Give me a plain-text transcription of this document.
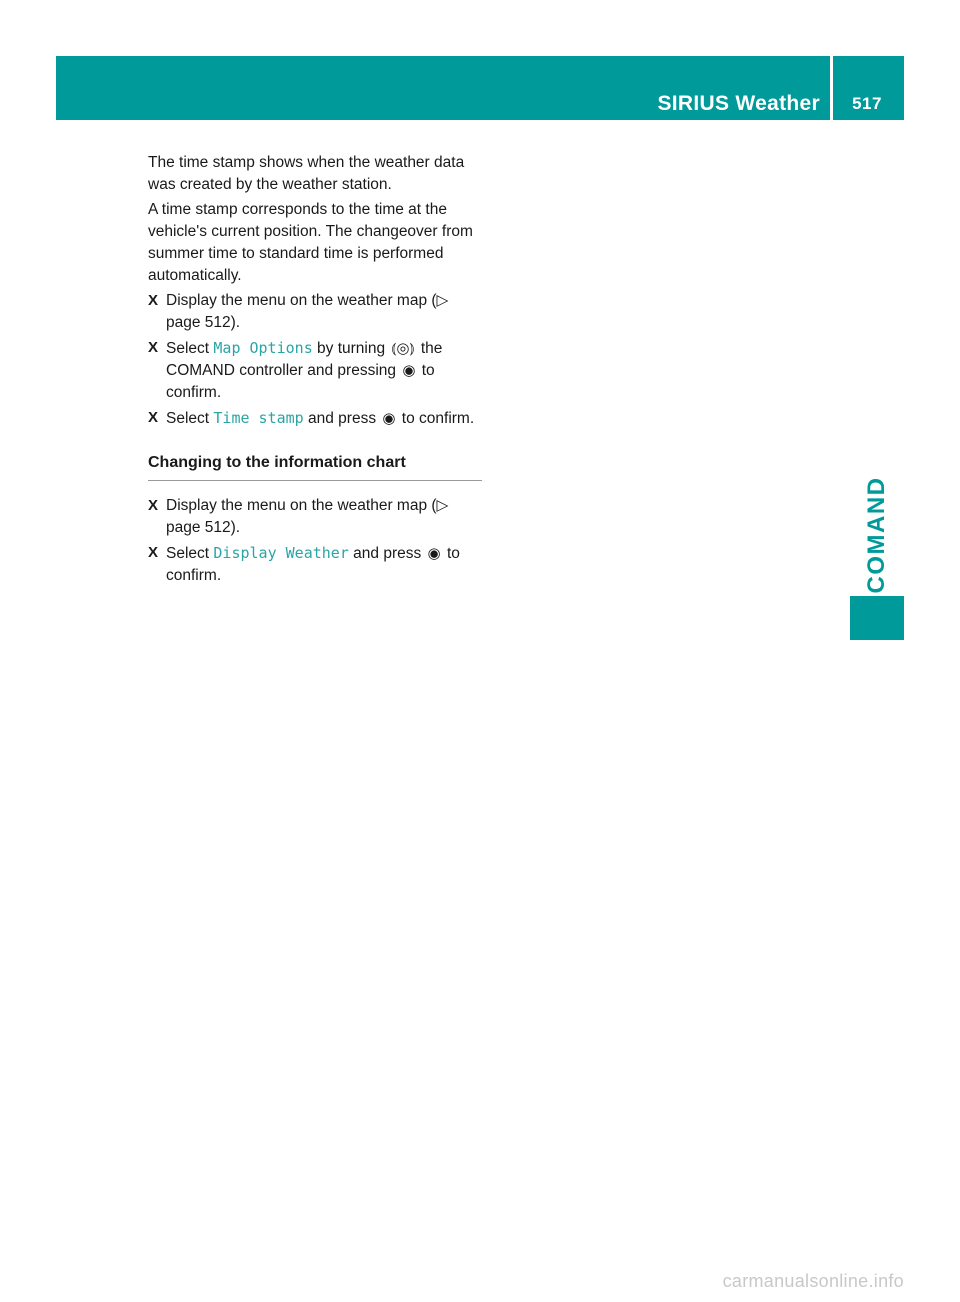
SIRIUS Weather	517
COMAND

The time stamp shows when the weather data was created by the weather station.

A time stamp corresponds to the time at the vehicle's current position. The changeover from summer time to standard time is performed automatically.

X Display the menu on the weather map (▷ page 512).
X Select Map Options by turning ⦅◎⦆ the COMAND controller and pressing ◉ to confirm.
X Select Time stamp and press ◉ to confirm.
Changing to the information chart
X Display the menu on the weather map (▷ page 512).
X Select Display Weather and press ◉ to confirm.
carmanualsonline.info
